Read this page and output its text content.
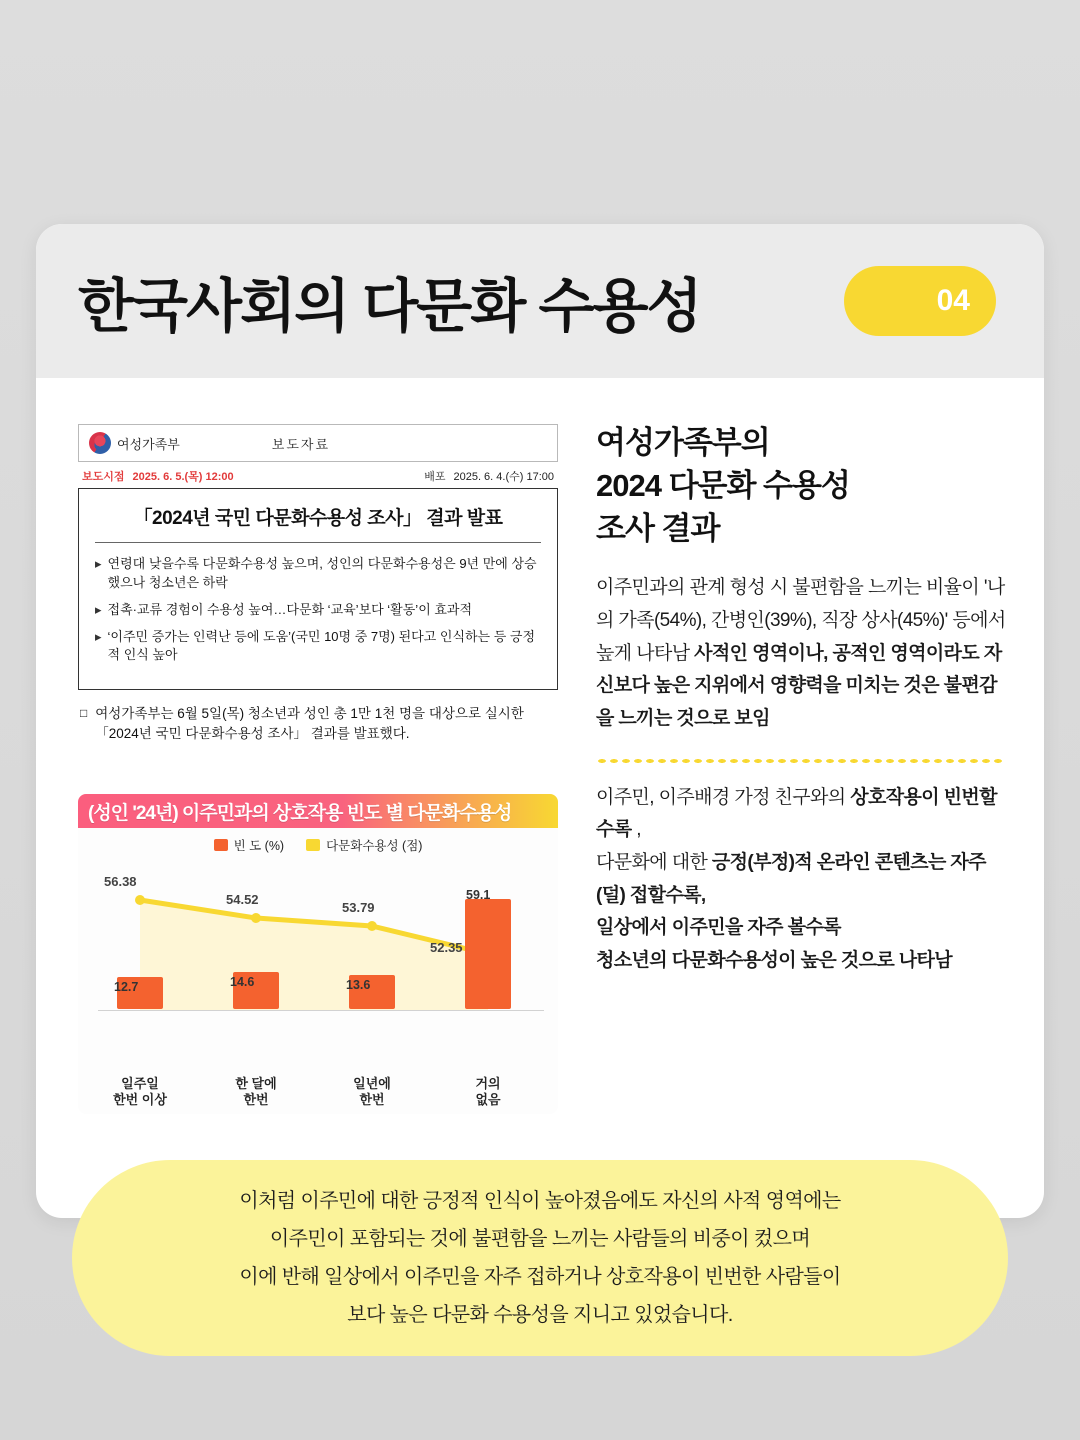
한국사회의 다문화 수용성	04
여성가족부	보도자료
보도시점 2025. 6. 5.(목) 12:00	배포 2025. 6. 4.(수) 17:00
「2024년 국민 다문화수용성 조사」 결과 발표
▸ 연령대 낮을수록 다문화수용성 높으며, 성인의 다문화수용성은 9년 만에 상승했으나 청소년은 하락
▸ 접촉·교류 경험이 수용성 높여…다문화 ‘교육’보다 ‘활동’이 효과적
▸ ‘이주민 증가는 인력난 등에 도움’(국민 10명 중 7명) 된다고 인식하는 등 긍정적 인식 높아
□ 여성가족부는 6월 5일(목) 청소년과 성인 총 1만 1천 명을 대상으로 실시한 「2024년 국민 다문화수용성 조사」 결과를 발표했다.
(성인 '24년) 이주민과의 상호작용 빈도 별 다문화수용성
빈 도 (%)	다문화수용성 (점)
12.7	14.6	13.6
59.1
56.38
54.52
53.79
52.35
일주일
한번 이상
한 달에
한번
일년에
한번
거의
없음
여성가족부의
2024 다문화 수용성
조사 결과
이주민과의 관계 형성 시 불편함을 느끼는 비율이 '나의 가족(54%), 간병인(39%), 직장 상사(45%)' 등에서 높게 나타남 사적인 영역이나, 공적인 영역이라도 자신보다 높은 지위에서 영향력을 미치는 것은 불편감을 느끼는 것으로 보임
이주민, 이주배경 가정 친구와의 상호작용이 빈번할수록 ,
다문화에 대한 긍정(부정)적 온라인 콘텐츠는 자주(덜) 접할수록,
일상에서 이주민을 자주 볼수록
청소년의 다문화수용성이 높은 것으로 나타남

이처럼 이주민에 대한 긍정적 인식이 높아졌음에도 자신의 사적 영역에는

이주민이 포함되는 것에 불편함을 느끼는 사람들의 비중이 컸으며

이에 반해 일상에서 이주민을 자주 접하거나 상호작용이 빈번한 사람들이

보다 높은 다문화 수용성을 지니고 있었습니다.
